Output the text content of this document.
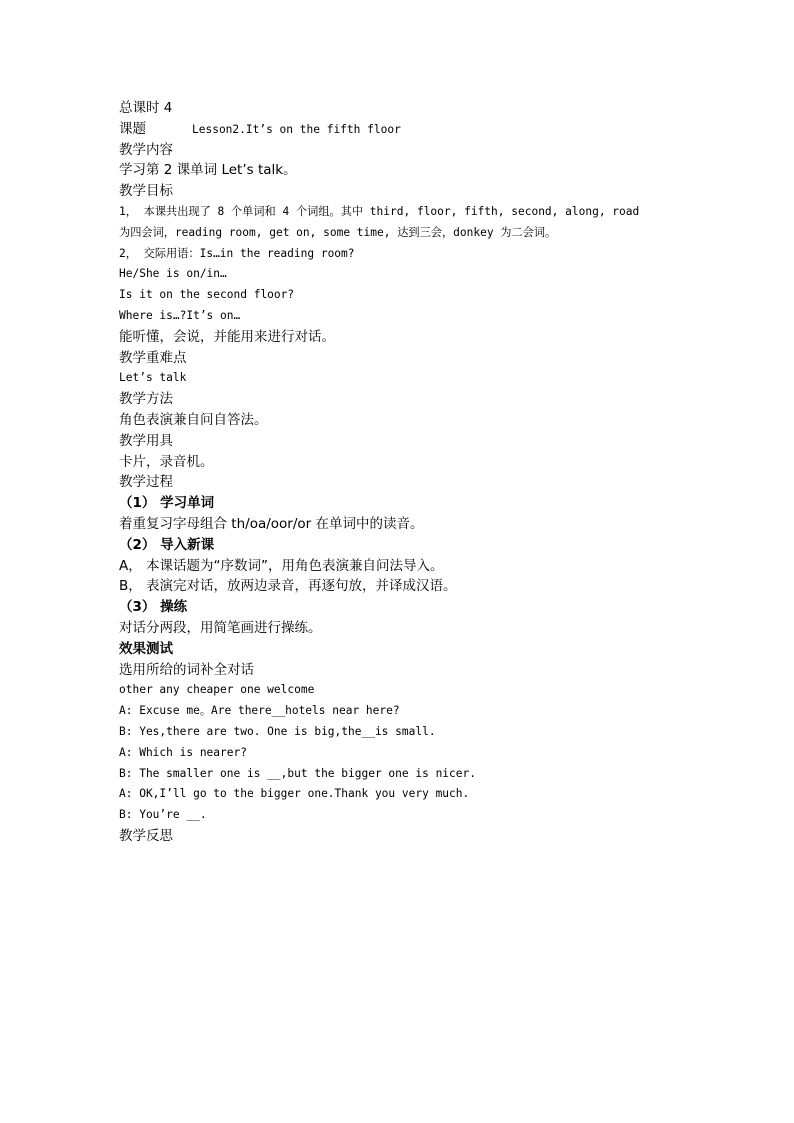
总课时 4
课题	Lesson2.It’s on the fifth floor
教学内容
学习第 2 课单词 Let’s talk。
教学目标
1， 本课共出现了 8 个单词和 4 个词组。其中 third, floor, fifth, second, along, road
为四会词，reading room, get on, some time, 达到三会，donkey 为二会词。
2， 交际用语：Is…in the reading room?
He/She is on/in…
Is it on the second floor?
Where is…?It’s on…
能听懂，会说，并能用来进行对话。
教学重难点
Let’s talk
教学方法
角色表演兼自问自答法。
教学用具
卡片，录音机。
教学过程
（1） 学习单词
着重复习字母组合 th/oa/oor/or 在单词中的读音。
（2） 导入新课
A， 本课话题为“序数词”，用角色表演兼自问法导入。
B， 表演完对话，放两边录音，再逐句放，并译成汉语。
（3） 操练
对话分两段，用简笔画进行操练。
效果测试
选用所给的词补全对话
other any cheaper one welcome
A: Excuse me。Are there__hotels near here?
B: Yes,there are two. One is big,the__is small.
A: Which is nearer?
B: The smaller one is __,but the bigger one is nicer.
A: OK,I’ll go to the bigger one.Thank you very much.
B: You’re __.
教学反思
